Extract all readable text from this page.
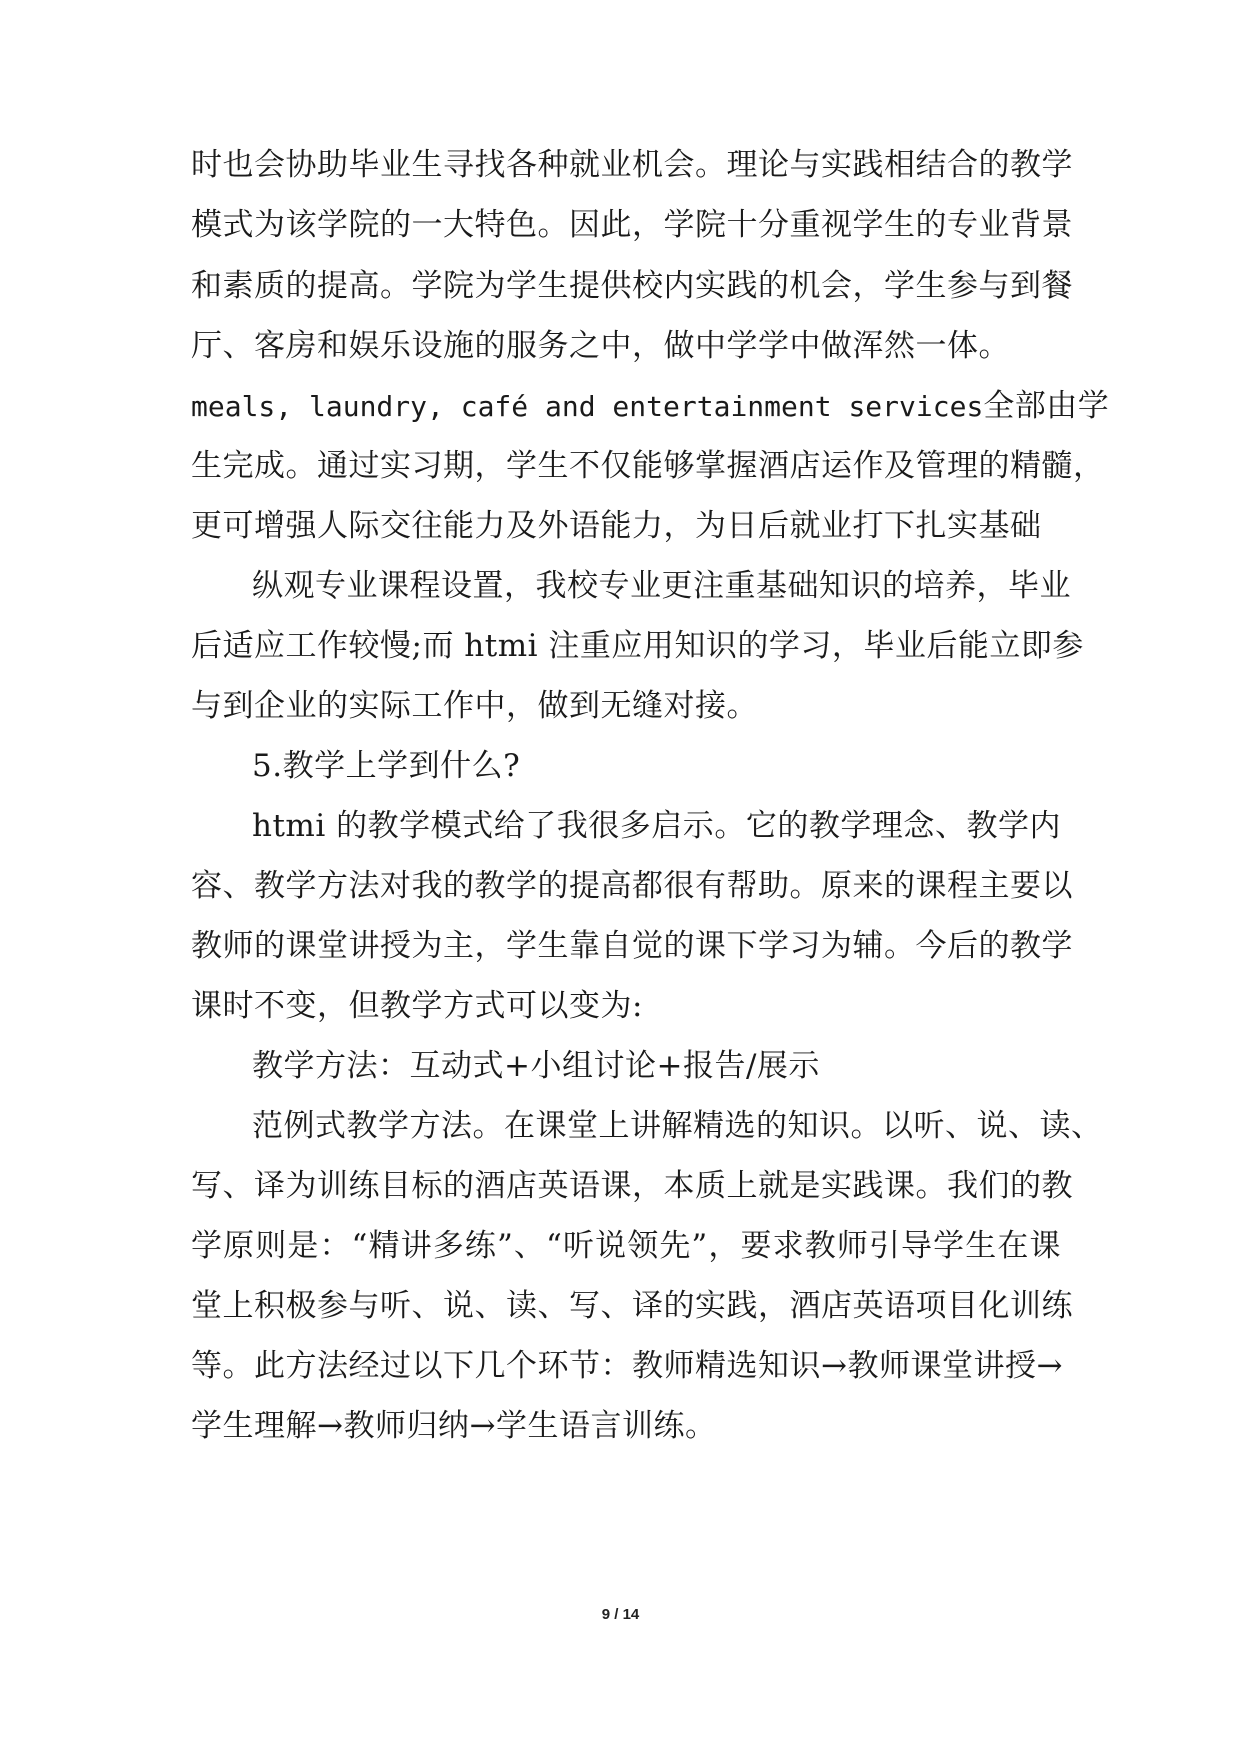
时也会协助毕业生寻找各种就业机会。理论与实践相结合的教学
模式为该学院的一大特色。因此，学院十分重视学生的专业背景
和素质的提高。学院为学生提供校内实践的机会，学生参与到餐
厅、客房和娱乐设施的服务之中，做中学学中做浑然一体。
meals, laundry, café and entertainment services全部由学
生完成。通过实习期，学生不仅能够掌握酒店运作及管理的精髓，
更可增强人际交往能力及外语能力，为日后就业打下扎实基础
纵观专业课程设置，我校专业更注重基础知识的培养，毕业
后适应工作较慢;而 htmi 注重应用知识的学习，毕业后能立即参
与到企业的实际工作中，做到无缝对接。
5.教学上学到什么?
htmi 的教学模式给了我很多启示。它的教学理念、教学内
容、教学方法对我的教学的提高都很有帮助。原来的课程主要以
教师的课堂讲授为主，学生靠自觉的课下学习为辅。今后的教学
课时不变，但教学方式可以变为:
教学方法：互动式+小组讨论+报告/展示
范例式教学方法。在课堂上讲解精选的知识。以听、说、读、
写、译为训练目标的酒店英语课，本质上就是实践课。我们的教
学原则是：“精讲多练”、“听说领先”，要求教师引导学生在课
堂上积极参与听、说、读、写、译的实践，酒店英语项目化训练
等。此方法经过以下几个环节：教师精选知识→教师课堂讲授→
学生理解→教师归纳→学生语言训练。
9 / 14
